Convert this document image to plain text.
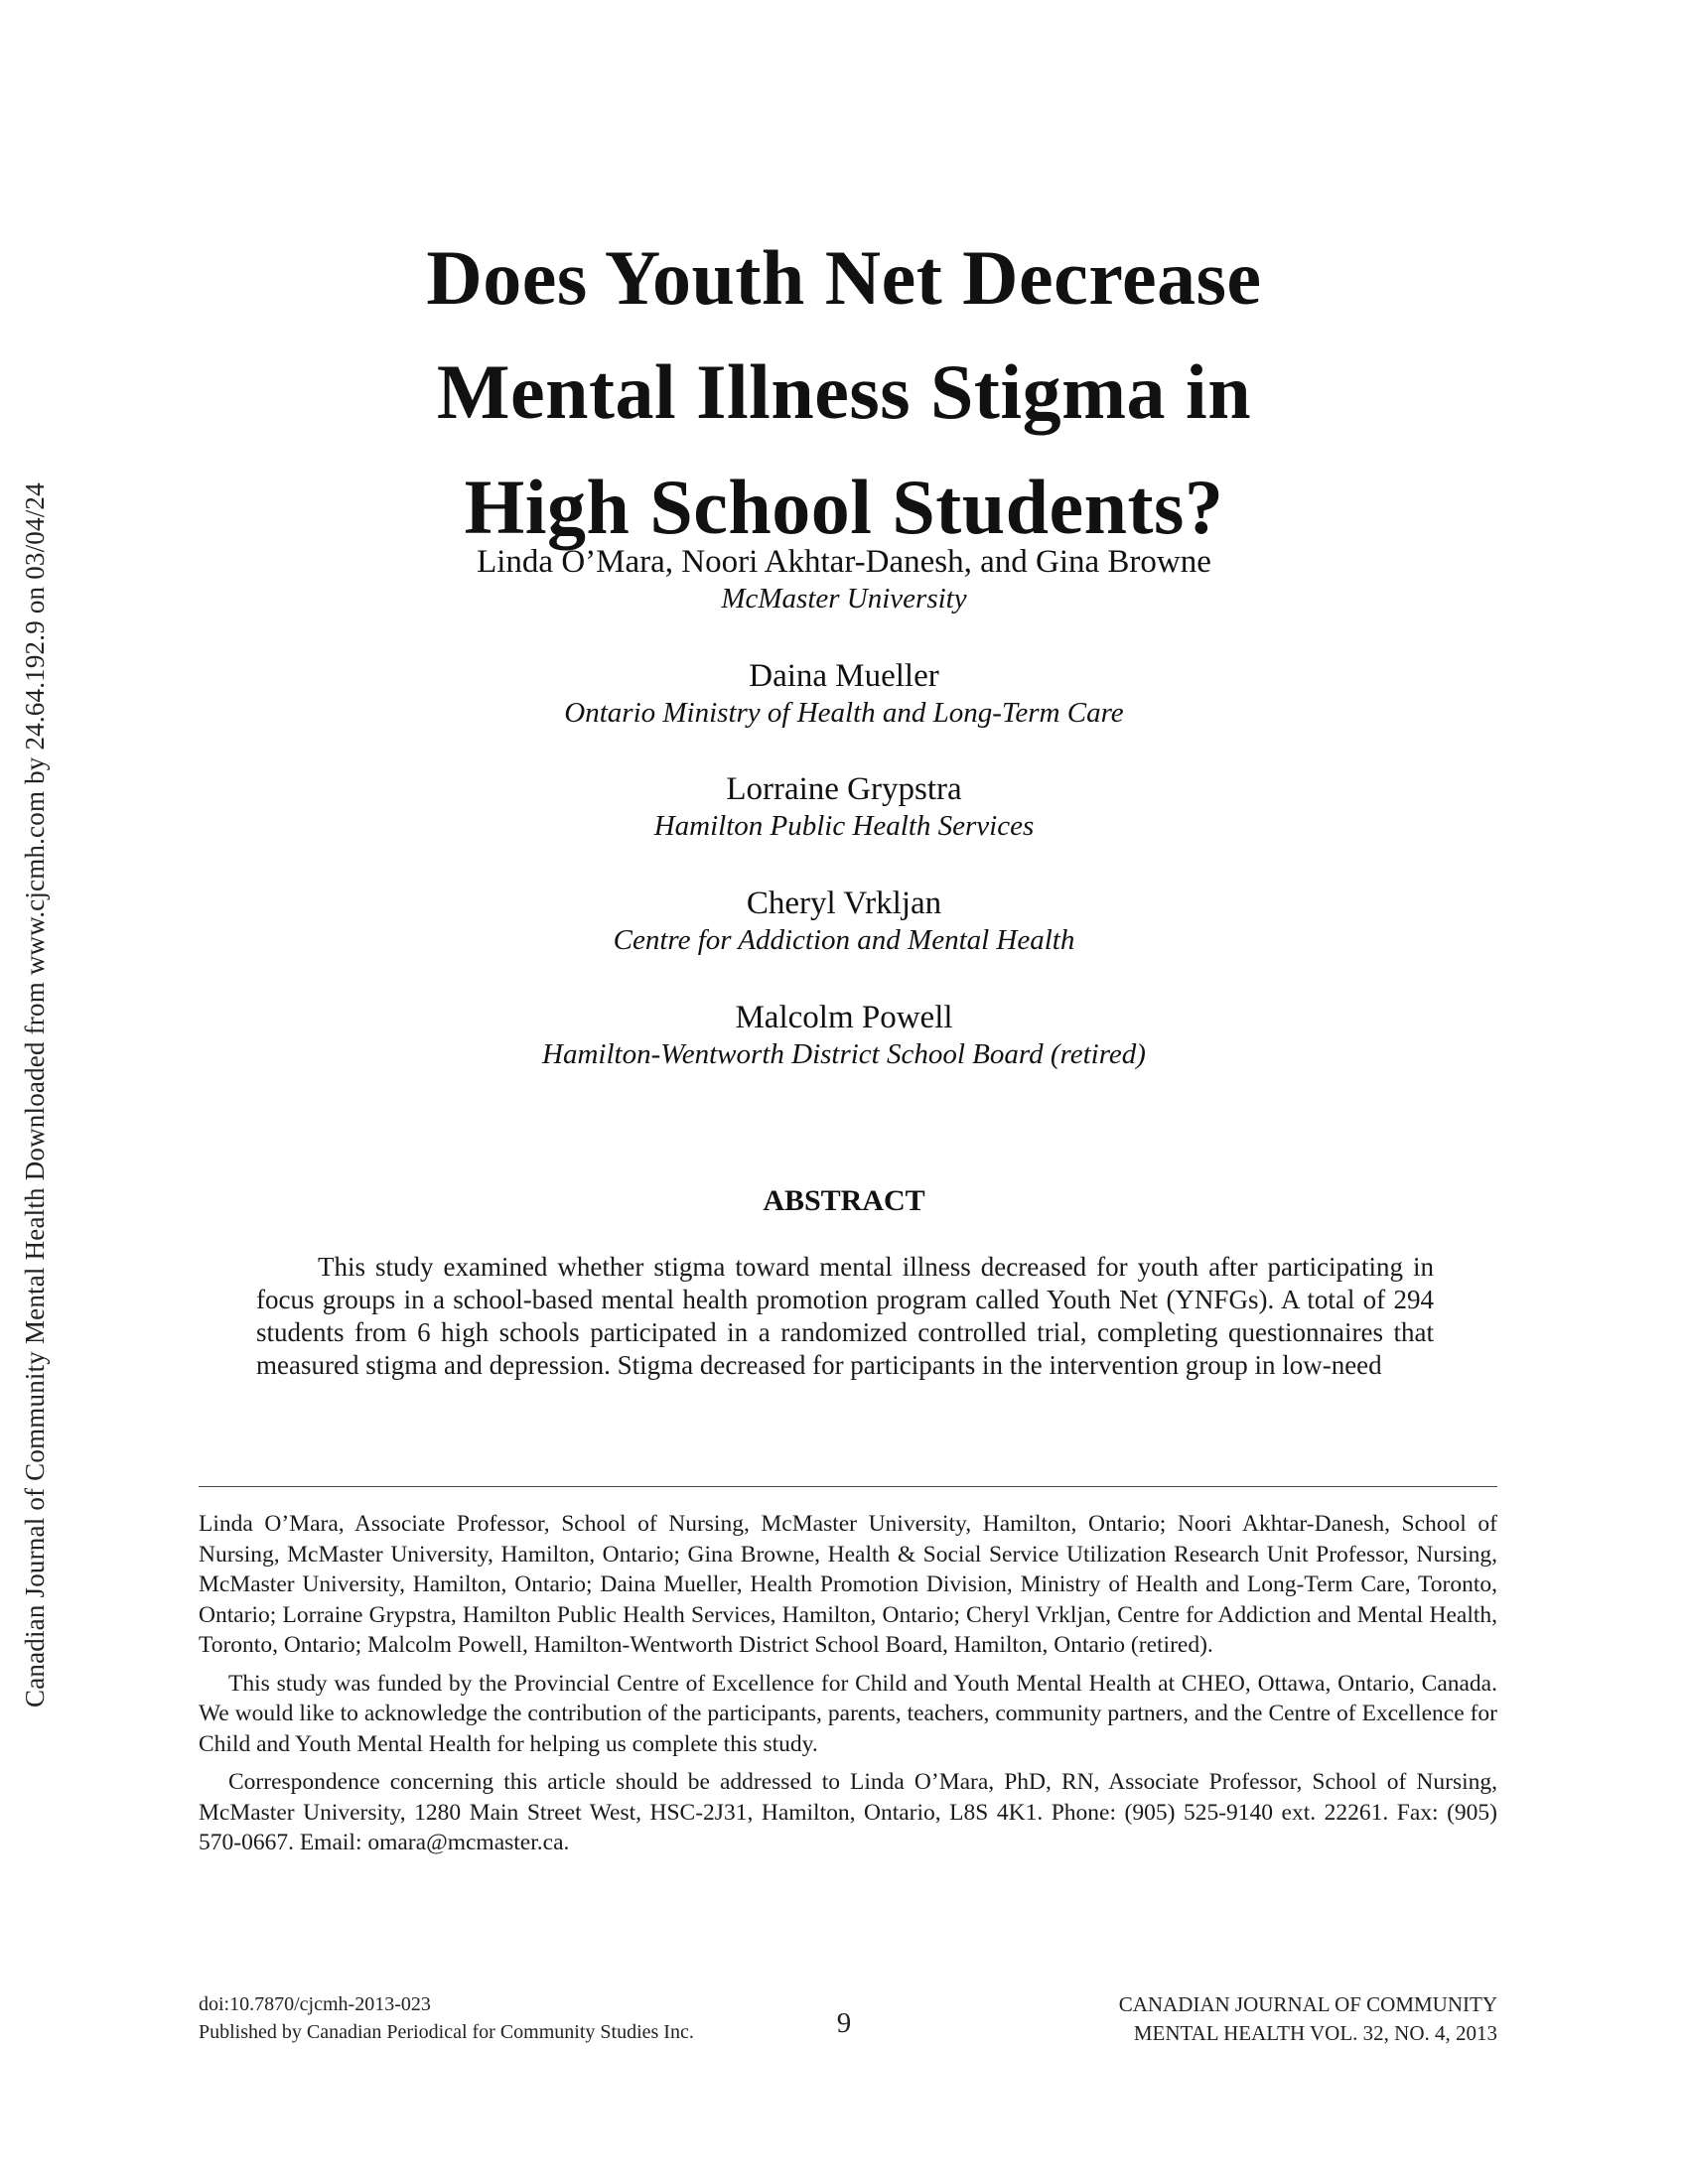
Canadian Journal of Community Mental Health Downloaded from www.cjcmh.com by 24.64.192.9 on 03/04/24
Does Youth Net Decrease
Mental Illness Stigma in
High School Students?
Linda O’Mara, Noori Akhtar-Danesh, and Gina Browne
McMaster University
Daina Mueller
Ontario Ministry of Health and Long-Term Care
Lorraine Grypstra
Hamilton Public Health Services
Cheryl Vrkljan
Centre for Addiction and Mental Health
Malcolm Powell
Hamilton-Wentworth District School Board (retired)
ABSTRACT
This study examined whether stigma toward mental illness decreased for youth after participating in focus groups in a school-based mental health promotion program called Youth Net (YNFGs). A total of 294 students from 6 high schools participated in a randomized controlled trial, completing questionnaires that measured stigma and depression. Stigma decreased for participants in the intervention group in low-need

Linda O’Mara, Associate Professor, School of Nursing, McMaster University, Hamilton, Ontario; Noori Akhtar-Danesh, School of Nursing, McMaster University, Hamilton, Ontario; Gina Browne, Health & Social Service Utilization Research Unit Professor, Nursing, McMaster University, Hamilton, Ontario; Daina Mueller, Health Promotion Division, Ministry of Health and Long-Term Care, Toronto, Ontario; Lorraine Grypstra, Hamilton Public Health Services, Hamilton, Ontario; Cheryl Vrkljan, Centre for Addiction and Mental Health, Toronto, Ontario; Malcolm Powell, Hamilton-Wentworth District School Board, Hamilton, Ontario (retired).

This study was funded by the Provincial Centre of Excellence for Child and Youth Mental Health at CHEO, Ottawa, Ontario, Canada. We would like to acknowledge the contribution of the participants, parents, teachers, community partners, and the Centre of Excellence for Child and Youth Mental Health for helping us complete this study.

Correspondence concerning this article should be addressed to Linda O’Mara, PhD, RN, Associate Professor, School of Nursing, McMaster University, 1280 Main Street West, HSC-2J31, Hamilton, Ontario, L8S 4K1. Phone: (905) 525-9140 ext. 22261. Fax: (905) 570-0667. Email: omara@mcmaster.ca.

doi:10.7870/cjcmh-2013-023
Published by Canadian Periodical for Community Studies Inc.	9
CANADIAN JOURNAL OF COMMUNITY
MENTAL HEALTH VOL. 32, NO. 4, 2013
